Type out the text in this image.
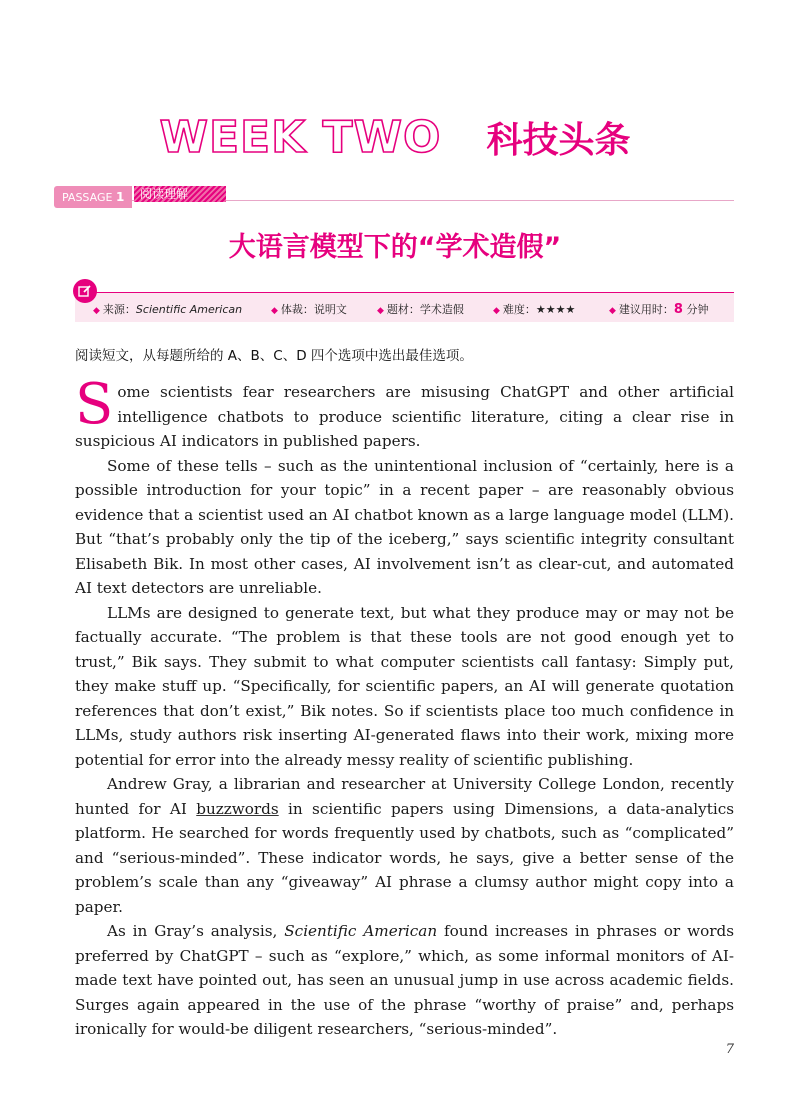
WEEK TWO 科技头条
PASSAGE 1	阅读理解
大语言模型下的“学术造假”
◆ 来源：Scientific American	◆ 体裁：说明文	◆ 题材：学术造假	◆ 难度：★★★★	◆ 建议用时：8 分钟
阅读短文，从每题所给的 A、B、C、D 四个选项中选出最佳选项。

Some scientists fear researchers are misusing ChatGPT and other artificial intelligence chatbots to produce scientific literature, citing a clear rise in suspicious AI indicators in published papers.

Some of these tells – such as the unintentional inclusion of “certainly, here is a possible introduction for your topic” in a recent paper – are reasonably obvious evidence that a scientist used an AI chatbot known as a large language model (LLM). But “that’s probably only the tip of the iceberg,” says scientific integrity consultant Elisabeth Bik. In most other cases, AI involvement isn’t as clear-cut, and automated AI text detectors are unreliable.

LLMs are designed to generate text, but what they produce may or may not be factually accurate. “The problem is that these tools are not good enough yet to trust,” Bik says. They submit to what computer scientists call fantasy: Simply put, they make stuff up. “Specifically, for scientific papers, an AI will generate quotation references that don’t exist,” Bik notes. So if scientists place too much confidence in LLMs, study authors risk inserting AI-generated flaws into their work, mixing more potential for error into the already messy reality of scientific publishing.

Andrew Gray, a librarian and researcher at University College London, recently hunted for AI buzzwords in scientific papers using Dimensions, a data-analytics platform. He searched for words frequently used by chatbots, such as “complicated” and “serious-minded”. These indicator words, he says, give a better sense of the problem’s scale than any “giveaway” AI phrase a clumsy author might copy into a paper.

As in Gray’s analysis, Scientific American found increases in phrases or words preferred by ChatGPT – such as “explore,” which, as some informal monitors of AI-made text have pointed out, has seen an unusual jump in use across academic fields. Surges again appeared in the use of the phrase “worthy of praise” and, perhaps ironically for would-be diligent researchers, “serious-minded”.

7
